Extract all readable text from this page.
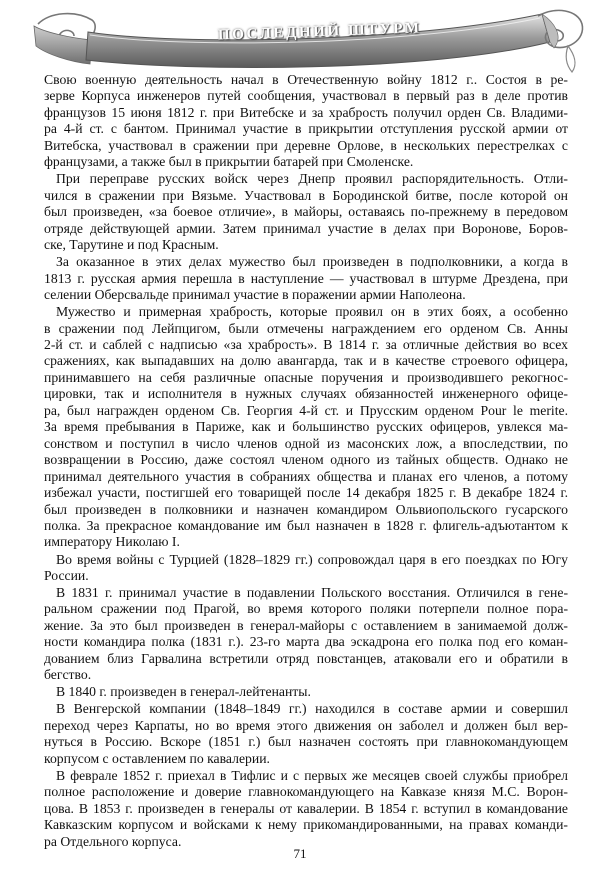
ПОСЛЕДНИЙ ШТУРМ

Свою военную деятельность начал в Отечественную войну 1812 г.. Состоя в ре-
зерве Корпуса инженеров путей сообщения, участвовал в первый раз в деле против
французов 15 июня 1812 г. при Витебске и за храбрость получил орден Св. Владими-
ра 4-й ст. с бантом. Принимал участие в прикрытии отступления русской армии от
Витебска, участвовал в сражении при деревне Орлове, в нескольких перестрелках с
французами, а также был в прикрытии батарей при Смоленске.

При переправе русских войск через Днепр проявил распорядительность. Отли-
чился в сражении при Вязьме. Участвовал в Бородинской битве, после которой он
был произведен, «за боевое отличие», в майоры, оставаясь по-прежнему в передовом
отряде действующей армии. Затем принимал участие в делах при Воронове, Боров-
ске, Тарутине и под Красным.

За оказанное в этих делах мужество был произведен в подполковники, а когда в
1813 г. русская армия перешла в наступление — участвовал в штурме Дрездена, при
селении Оберсвальде принимал участие в поражении армии Наполеона.

Мужество и примерная храбрость, которые проявил он в этих боях, а особенно
в сражении под Лейпцигом, были отмечены награждением его орденом Св. Анны
2-й ст. и саблей с надписью «за храбрость». В 1814 г. за отличные действия во всех
сражениях, как выпадавших на долю авангарда, так и в качестве строевого офицера,
принимавшего на себя различные опасные поручения и производившего рекогнос-
цировки, так и исполнителя в нужных случаях обязанностей инженерного офице-
ра, был награжден орденом Св. Георгия 4-й ст. и Прусским орденом Pour le merite.
За время пребывания в Париже, как и большинство русских офицеров, увлекся ма-
сонством и поступил в число членов одной из масонских лож, а впоследствии, по
возвращении в Россию, даже состоял членом одного из тайных обществ. Однако не
принимал деятельного участия в собраниях общества и планах его членов, а потому
избежал участи, постигшей его товарищей после 14 декабря 1825 г. В декабре 1824 г.
был произведен в полковники и назначен командиром Ольвиопольского гусарского
полка. За прекрасное командование им был назначен в 1828 г. флигель-адъютантом к
императору Николаю I.

Во время войны с Турцией (1828–1829 гг.) сопровождал царя в его поездках по Югу
России.

В 1831 г. принимал участие в подавлении Польского восстания. Отличился в гене-
ральном сражении под Прагой, во время которого поляки потерпели полное пора-
жение. За это был произведен в генерал-майоры с оставлением в занимаемой долж-
ности командира полка (1831 г.). 23-го марта два эскадрона его полка под его коман-
дованием близ Гарвалина встретили отряд повстанцев, атаковали его и обратили в
бегство.

В 1840 г. произведен в генерал-лейтенанты.

В Венгерской компании (1848–1849 гг.) находился в составе армии и совершил
переход через Карпаты, но во время этого движения он заболел и должен был вер-
нуться в Россию. Вскоре (1851 г.) был назначен состоять при главнокомандующем
корпусом с оставлением по кавалерии.

В феврале 1852 г. приехал в Тифлис и с первых же месяцев своей службы приобрел
полное расположение и доверие главнокомандующего на Кавказе князя М.С. Ворон-
цова. В 1853 г. произведен в генералы от кавалерии. В 1854 г. вступил в командование
Кавказским корпусом и войсками к нему прикомандированными, на правах команди-
ра Отдельного корпуса.

71
